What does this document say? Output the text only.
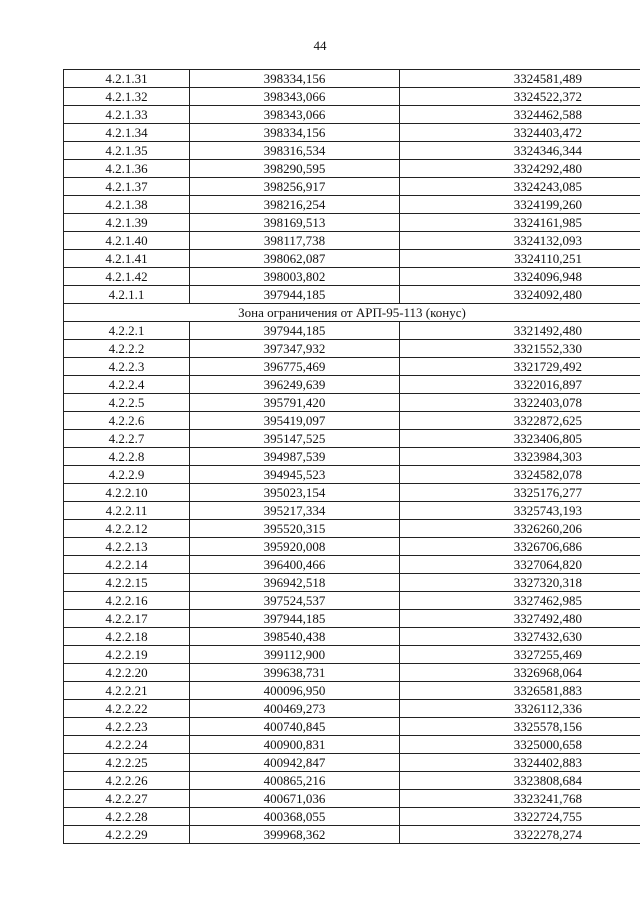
44
4.2.1.31	398334,156	3324581,489
4.2.1.32	398343,066	3324522,372
4.2.1.33	398343,066	3324462,588
4.2.1.34	398334,156	3324403,472
4.2.1.35	398316,534	3324346,344
4.2.1.36	398290,595	3324292,480
4.2.1.37	398256,917	3324243,085
4.2.1.38	398216,254	3324199,260
4.2.1.39	398169,513	3324161,985
4.2.1.40	398117,738	3324132,093
4.2.1.41	398062,087	3324110,251
4.2.1.42	398003,802	3324096,948
4.2.1.1	397944,185	3324092,480
Зона ограничения от АРП-95-113 (конус)		
4.2.2.1	397944,185	3321492,480
4.2.2.2	397347,932	3321552,330
4.2.2.3	396775,469	3321729,492
4.2.2.4	396249,639	3322016,897
4.2.2.5	395791,420	3322403,078
4.2.2.6	395419,097	3322872,625
4.2.2.7	395147,525	3323406,805
4.2.2.8	394987,539	3323984,303
4.2.2.9	394945,523	3324582,078
4.2.2.10	395023,154	3325176,277
4.2.2.11	395217,334	3325743,193
4.2.2.12	395520,315	3326260,206
4.2.2.13	395920,008	3326706,686
4.2.2.14	396400,466	3327064,820
4.2.2.15	396942,518	3327320,318
4.2.2.16	397524,537	3327462,985
4.2.2.17	397944,185	3327492,480
4.2.2.18	398540,438	3327432,630
4.2.2.19	399112,900	3327255,469
4.2.2.20	399638,731	3326968,064
4.2.2.21	400096,950	3326581,883
4.2.2.22	400469,273	3326112,336
4.2.2.23	400740,845	3325578,156
4.2.2.24	400900,831	3325000,658
4.2.2.25	400942,847	3324402,883
4.2.2.26	400865,216	3323808,684
4.2.2.27	400671,036	3323241,768
4.2.2.28	400368,055	3322724,755
4.2.2.29	399968,362	3322278,274
